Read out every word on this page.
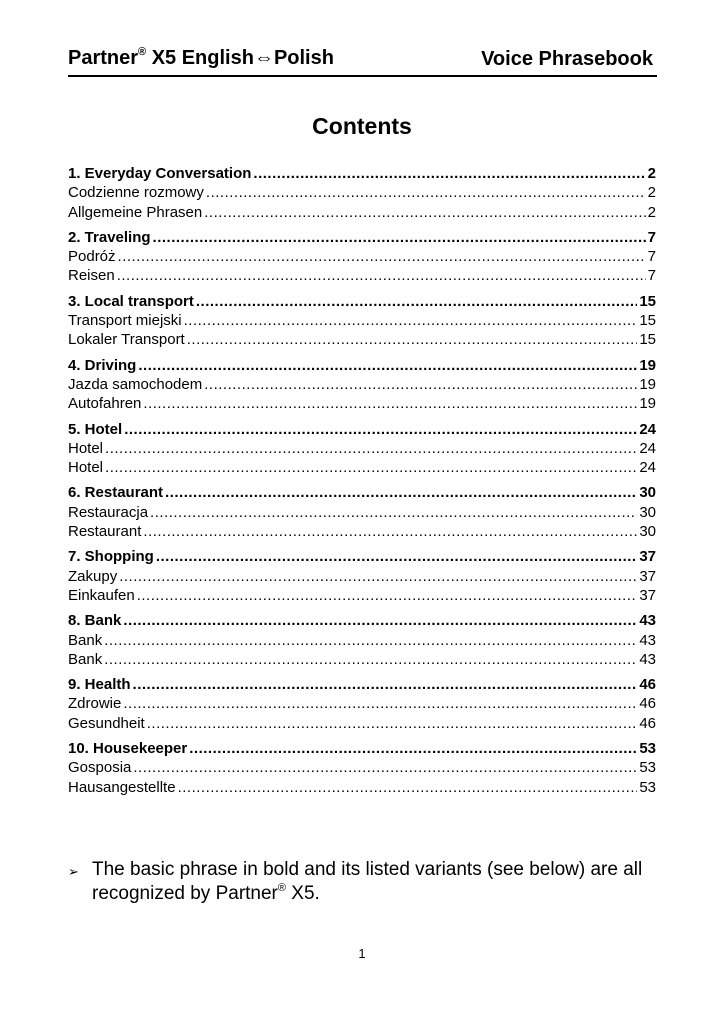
Partner® X5 English⇔Polish	Voice Phrasebook
Contents
1. Everyday Conversation .....	2
Codzienne rozmowy .....	2
Allgemeine Phrasen .....	2
2. Traveling .....	7
Podróż .....	7
Reisen .....	7
3. Local transport .....	15
Transport miejski .....	15
Lokaler Transport .....	15
4. Driving .....	19
Jazda samochodem .....	19
Autofahren .....	19
5. Hotel .....	24
Hotel .....	24
Hotel .....	24
6. Restaurant .....	30
Restauracja .....	30
Restaurant .....	30
7. Shopping .....	37
Zakupy .....	37
Einkaufen .....	37
8. Bank .....	43
Bank .....	43
Bank .....	43
9. Health .....	46
Zdrowie .....	46
Gesundheit .....	46
10. Housekeeper .....	53
Gosposia .....	53
Hausangestellte .....	53
➢ The basic phrase in bold and its listed variants (see below) are all recognized by Partner® X5.
1
